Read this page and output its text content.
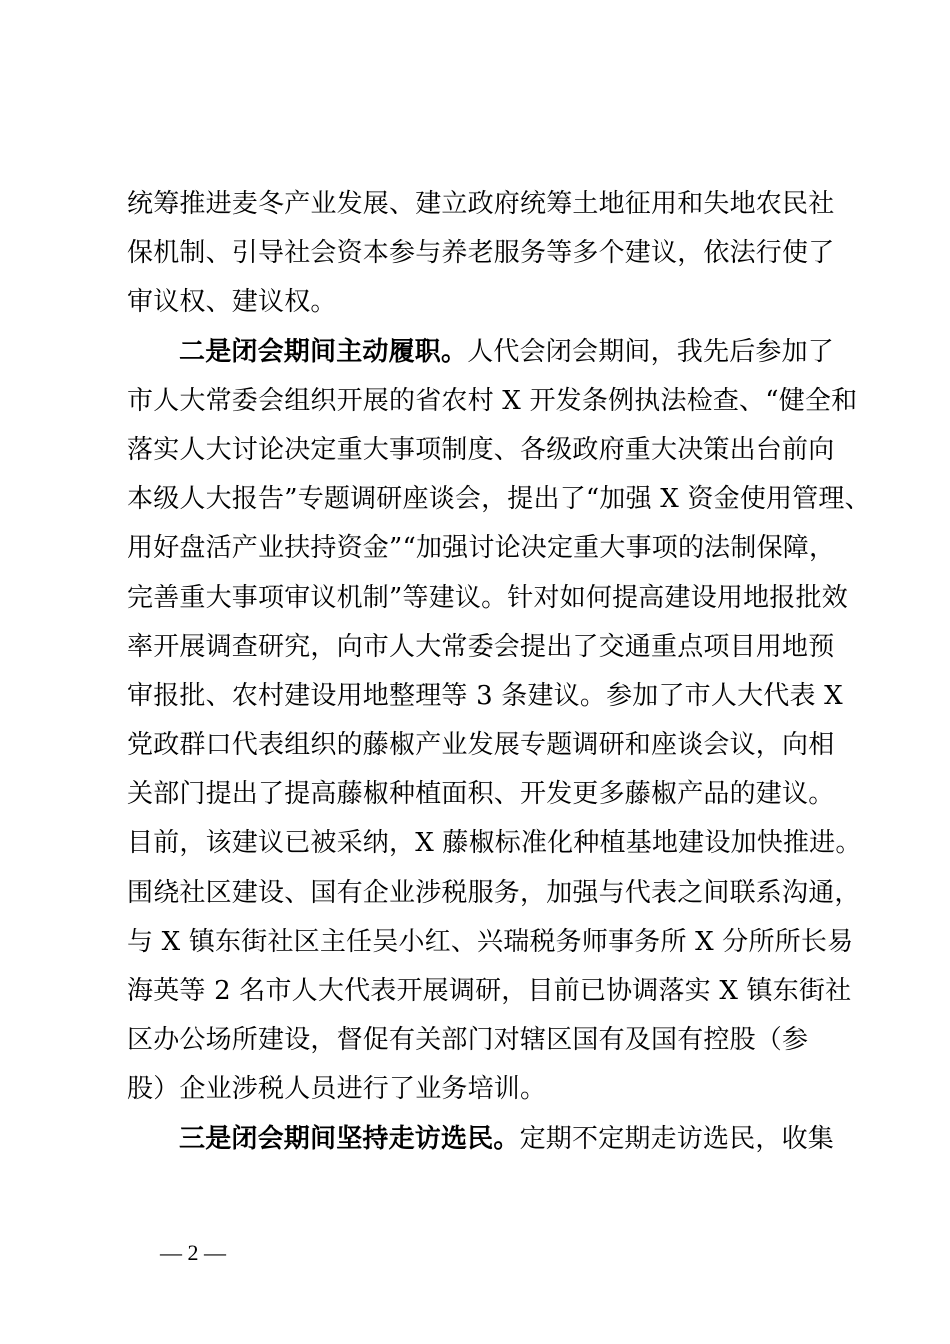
统筹推进麦冬产业发展、建立政府统筹土地征用和失地农民社
保机制、引导社会资本参与养老服务等多个建议，依法行使了
审议权、建议权。
二是闭会期间主动履职。人代会闭会期间，我先后参加了
市人大常委会组织开展的省农村 X 开发条例执法检查、“健全和
落实人大讨论决定重大事项制度、各级政府重大决策出台前向
本级人大报告”专题调研座谈会，提出了“加强 X 资金使用管理、
用好盘活产业扶持资金”“加强讨论决定重大事项的法制保障，
完善重大事项审议机制”等建议。针对如何提高建设用地报批效
率开展调查研究，向市人大常委会提出了交通重点项目用地预
审报批、农村建设用地整理等 3 条建议。参加了市人大代表 X
党政群口代表组织的藤椒产业发展专题调研和座谈会议，向相
关部门提出了提高藤椒种植面积、开发更多藤椒产品的建议。
目前，该建议已被采纳，X 藤椒标准化种植基地建设加快推进。
围绕社区建设、国有企业涉税服务，加强与代表之间联系沟通，
与 X 镇东街社区主任吴小红、兴瑞税务师事务所 X 分所所长易
海英等 2 名市人大代表开展调研，目前已协调落实 X 镇东街社
区办公场所建设，督促有关部门对辖区国有及国有控股（参
股）企业涉税人员进行了业务培训。
三是闭会期间坚持走访选民。定期不定期走访选民，收集
— 2 —
